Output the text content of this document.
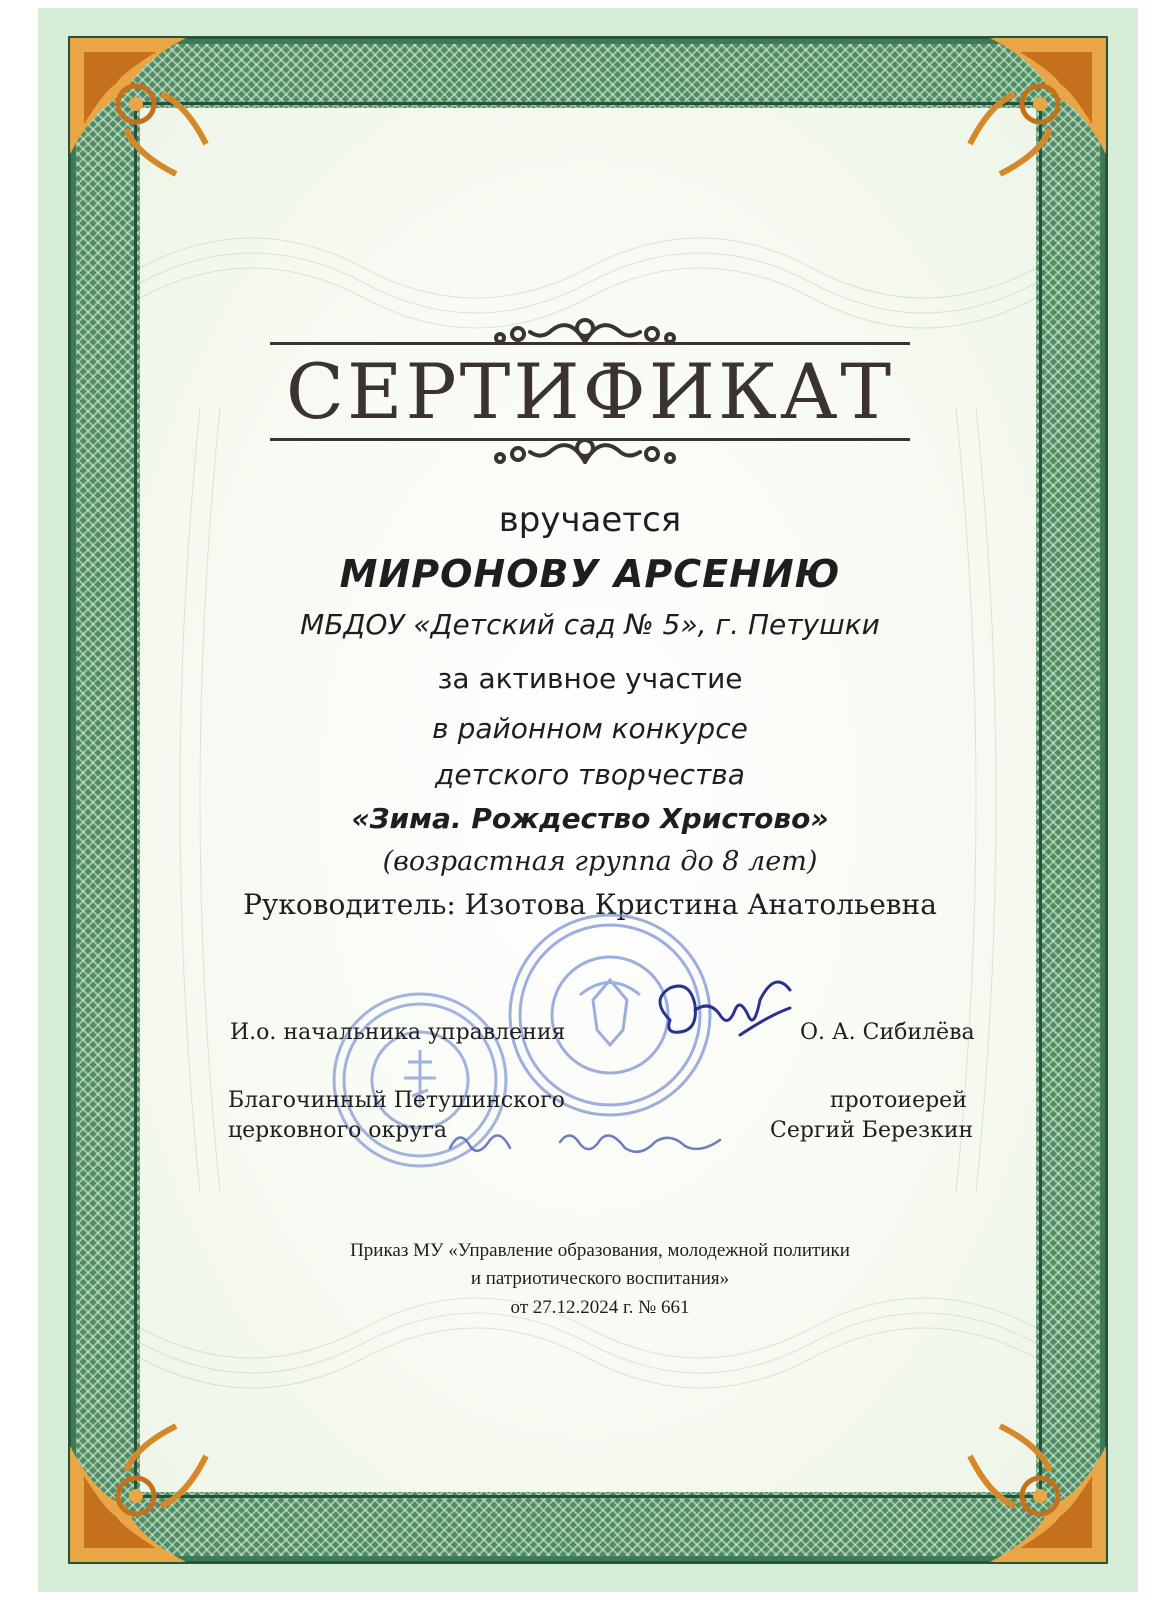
СЕРТИФИКАТ
вручается
МИРОНОВУ АРСЕНИЮ
МБДОУ «Детский сад № 5», г. Петушки
за активное участие
в районном конкурсе
детского творчества
«Зима. Рождество Христово»
(возрастная группа до 8 лет)
Руководитель: Изотова Кристина Анатольевна
И.о. начальника управления	О. А. Сибилёва
Благочинный Петушинского
церковного округа
протоиерей
Сергий Березкин
Приказ МУ «Управление образования, молодежной политики
и патриотического воспитания»
от 27.12.2024 г. № 661
